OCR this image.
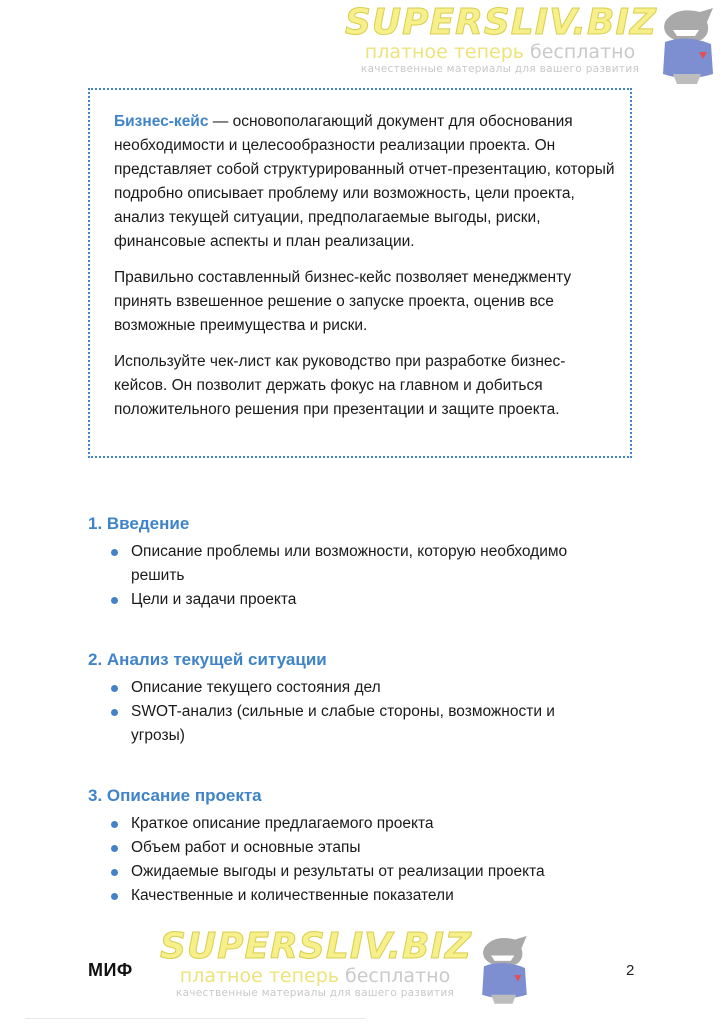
SUPERSLIV.BIZ
платное теперь бесплатно
качественные материалы для вашего развития

Бизнес-кейс — основополагающий документ для обоснования необходимости и целесообразности реализации проекта. Он представляет собой структурированный отчет-презентацию, который подробно описывает проблему или возможность, цели проекта, анализ текущей ситуации, предполагаемые выгоды, риски, финансовые аспекты и план реализации.

Правильно составленный бизнес-кейс позволяет менеджменту принять взвешенное решение о запуске проекта, оценив все возможные преимущества и риски.

Используйте чек-лист как руководство при разработке бизнес-кейсов. Он позволит держать фокус на главном и добиться положительного решения при презентации и защите проекта.

1. Введение
Описание проблемы или возможности, которую необходимо решить
Цели и задачи проекта
2. Анализ текущей ситуации
Описание текущего состояния дел
SWOT-анализ (сильные и слабые стороны, возможности и угрозы)
3. Описание проекта
Краткое описание предлагаемого проекта
Объем работ и основные этапы
Ожидаемые выгоды и результаты от реализации проекта
Качественные и количественные показатели
SUPERSLIV.BIZ
платное теперь бесплатно
качественные материалы для вашего развития
МИФ	2
